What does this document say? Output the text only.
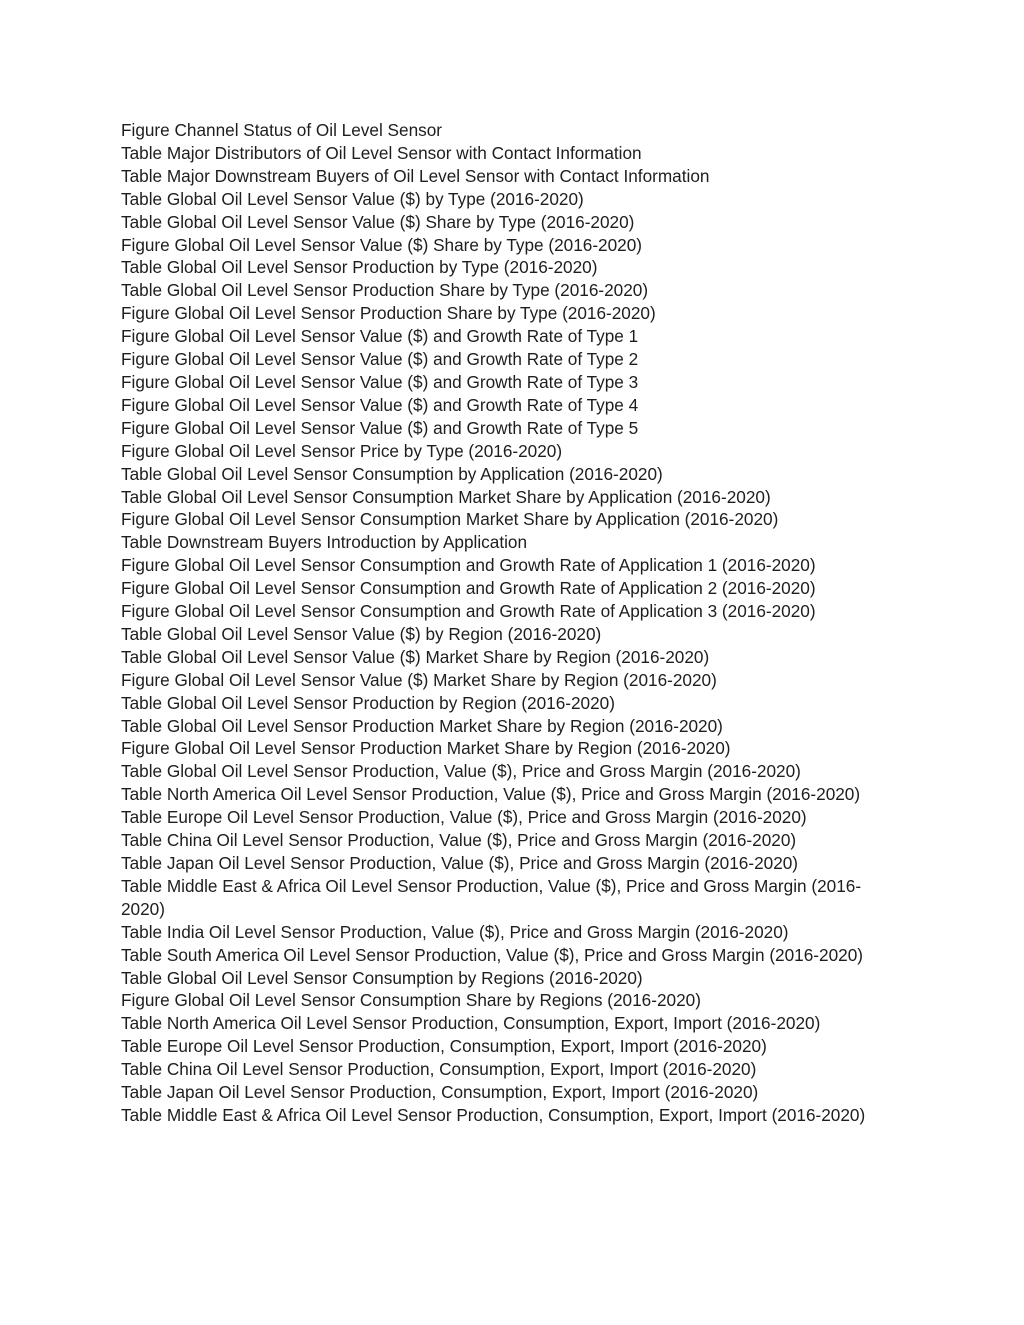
Figure Channel Status of Oil Level Sensor
Table Major Distributors of Oil Level Sensor with Contact Information
Table Major Downstream Buyers of Oil Level Sensor with Contact Information
Table Global Oil Level Sensor Value ($) by Type (2016-2020)
Table Global Oil Level Sensor Value ($) Share by Type (2016-2020)
Figure Global Oil Level Sensor Value ($) Share by Type (2016-2020)
Table Global Oil Level Sensor Production by Type (2016-2020)
Table Global Oil Level Sensor Production Share by Type (2016-2020)
Figure Global Oil Level Sensor Production Share by Type (2016-2020)
Figure Global Oil Level Sensor Value ($) and Growth Rate of Type 1
Figure Global Oil Level Sensor Value ($) and Growth Rate of Type 2
Figure Global Oil Level Sensor Value ($) and Growth Rate of Type 3
Figure Global Oil Level Sensor Value ($) and Growth Rate of Type 4
Figure Global Oil Level Sensor Value ($) and Growth Rate of Type 5
Figure Global Oil Level Sensor Price by Type (2016-2020)
Table Global Oil Level Sensor Consumption by Application (2016-2020)
Table Global Oil Level Sensor Consumption Market Share by Application (2016-2020)
Figure Global Oil Level Sensor Consumption Market Share by Application (2016-2020)
Table Downstream Buyers Introduction by Application
Figure Global Oil Level Sensor Consumption and Growth Rate of Application 1 (2016-2020)
Figure Global Oil Level Sensor Consumption and Growth Rate of Application 2 (2016-2020)
Figure Global Oil Level Sensor Consumption and Growth Rate of Application 3 (2016-2020)
Table Global Oil Level Sensor Value ($) by Region (2016-2020)
Table Global Oil Level Sensor Value ($) Market Share by Region (2016-2020)
Figure Global Oil Level Sensor Value ($) Market Share by Region (2016-2020)
Table Global Oil Level Sensor Production by Region (2016-2020)
Table Global Oil Level Sensor Production Market Share by Region (2016-2020)
Figure Global Oil Level Sensor Production Market Share by Region (2016-2020)
Table Global Oil Level Sensor Production, Value ($), Price and Gross Margin (2016-2020)
Table North America Oil Level Sensor Production, Value ($), Price and Gross Margin (2016-2020)
Table Europe Oil Level Sensor Production, Value ($), Price and Gross Margin (2016-2020)
Table China Oil Level Sensor Production, Value ($), Price and Gross Margin (2016-2020)
Table Japan Oil Level Sensor Production, Value ($), Price and Gross Margin (2016-2020)
Table Middle East & Africa Oil Level Sensor Production, Value ($), Price and Gross Margin (2016-2020)
Table India Oil Level Sensor Production, Value ($), Price and Gross Margin (2016-2020)
Table South America Oil Level Sensor Production, Value ($), Price and Gross Margin (2016-2020)
Table Global Oil Level Sensor Consumption by Regions (2016-2020)
Figure Global Oil Level Sensor Consumption Share by Regions (2016-2020)
Table North America Oil Level Sensor Production, Consumption, Export, Import (2016-2020)
Table Europe Oil Level Sensor Production, Consumption, Export, Import (2016-2020)
Table China Oil Level Sensor Production, Consumption, Export, Import (2016-2020)
Table Japan Oil Level Sensor Production, Consumption, Export, Import (2016-2020)
Table Middle East & Africa Oil Level Sensor Production, Consumption, Export, Import (2016-2020)
